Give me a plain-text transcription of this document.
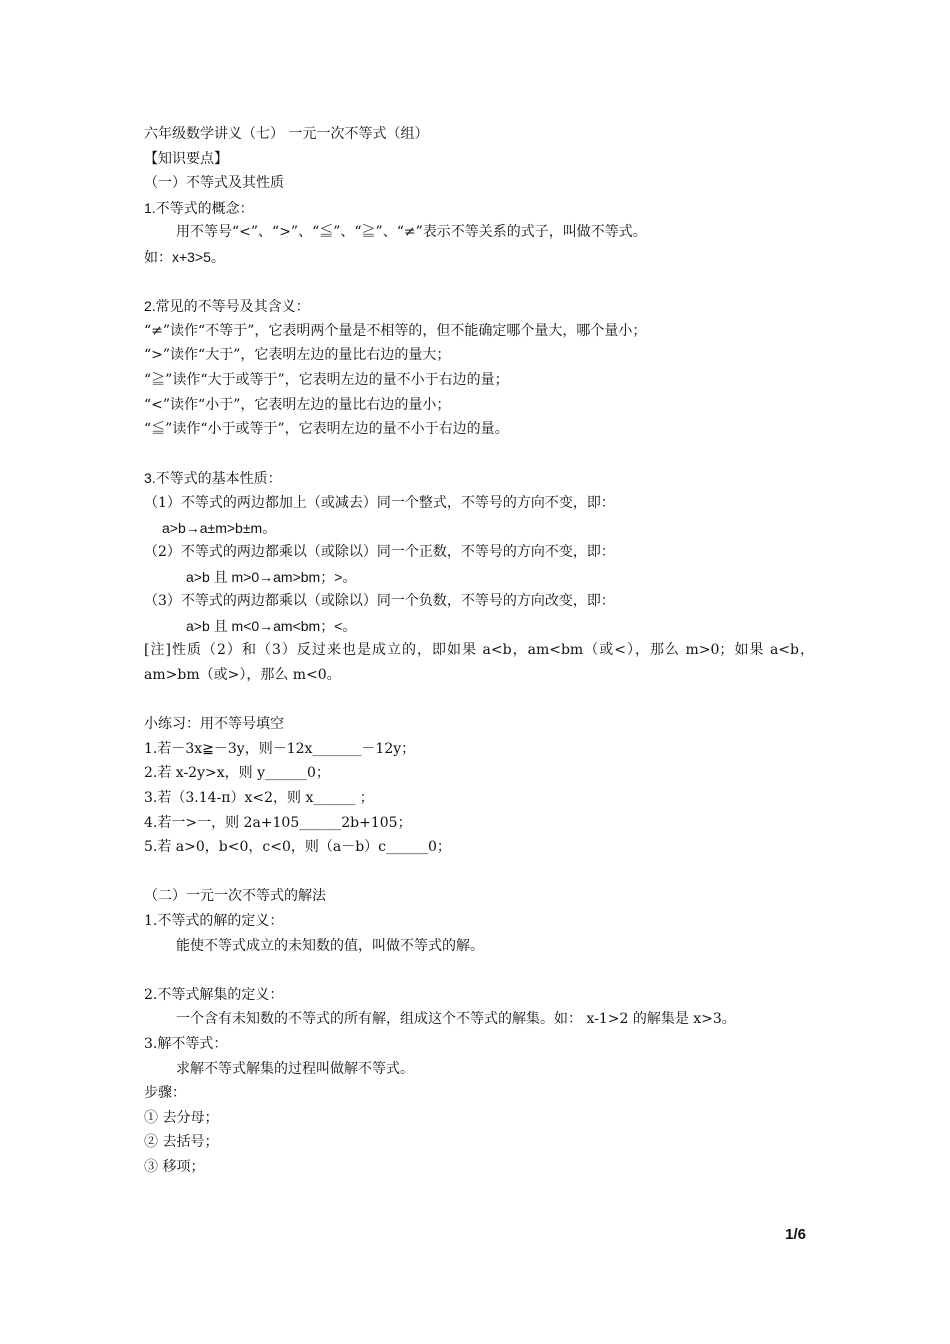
六年级数学讲义（七） 一元一次不等式（组）
【知识要点】
（一）不等式及其性质
1.不等式的概念：
用不等号“<”、“>”、“≦”、“≧”、“≠”表示不等关系的式子，叫做不等式。
如：x+3>5。
2.常见的不等号及其含义：
“≠”读作“不等于”，它表明两个量是不相等的，但不能确定哪个量大，哪个量小；
“>”读作“大于”，它表明左边的量比右边的量大；
“≧”读作“大于或等于”，它表明左边的量不小于右边的量；
“<”读作“小于”，它表明左边的量比右边的量小；
“≦”读作“小于或等于”，它表明左边的量不小于右边的量。
3.不等式的基本性质：
（1）不等式的两边都加上（或减去）同一个整式，不等号的方向不变，即：
a>b→a±m>b±m。
（2）不等式的两边都乘以（或除以）同一个正数，不等号的方向不变，即：
a>b 且 m>0→am>bm；>。
（3）不等式的两边都乘以（或除以）同一个负数，不等号的方向改变，即：
a>b 且 m<0→am<bm；<。
[注]性质（2）和（3）反过来也是成立的，即如果 a<b，am<bm（或<），那么 m>0；如果 a<b，am>bm（或>），那么 m<0。
小练习：用不等号填空
1.若－3x≧－3y，则－12x_______－12y；
2.若 x-2y>x，则 y______0；
3.若（3.14-π）x<2，则 x______ ；
4.若一>一，则 2a+105______2b+105；
5.若 a>0，b<0，c<0，则（a－b）c______0；
（二）一元一次不等式的解法
1.不等式的解的定义：
能使不等式成立的未知数的值，叫做不等式的解。
2.不等式解集的定义：
一个含有未知数的不等式的所有解，组成这个不等式的解集。如： x-1>2 的解集是 x>3。
3.解不等式：
求解不等式解集的过程叫做解不等式。
步骤：
① 去分母；
② 去括号；
③ 移项；
1/6
